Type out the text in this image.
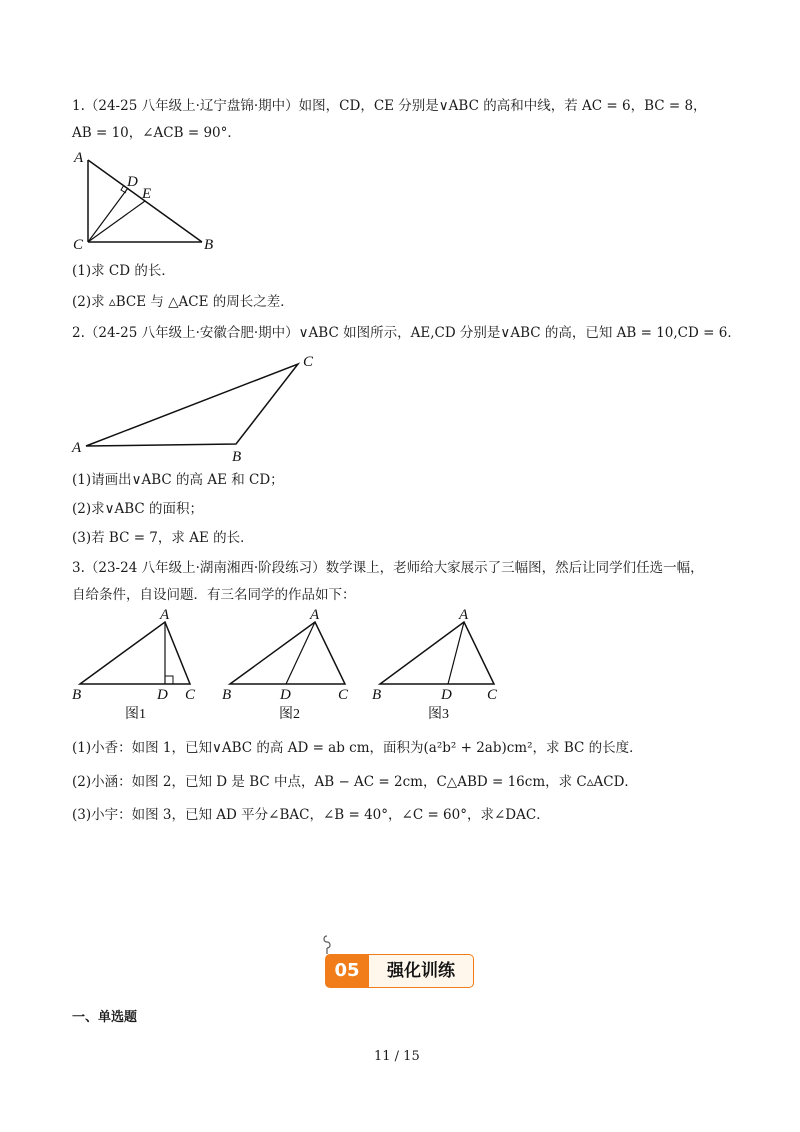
1.（24-25 八年级上·辽宁盘锦·期中）如图，CD，CE 分别是∨ABC 的高和中线，若 AC = 6，BC = 8，
AB = 10，∠ACB = 90°．
A
D
E
C	B
(1)求 CD 的长．
(2)求 ▵BCE 与 △ACE 的周长之差．
2.（24-25 八年级上·安徽合肥·期中）∨ABC 如图所示，AE,CD 分别是∨ABC 的高，已知 AB = 10,CD = 6．
C
A
B
(1)请画出∨ABC 的高 AE 和 CD；
(2)求∨ABC 的面积；
(3)若 BC = 7，求 AE 的长．
3.（23-24 八年级上·湖南湘西·阶段练习）数学课上，老师给大家展示了三幅图，然后让同学们任选一幅，
自给条件，自设问题．有三名同学的作品如下：
A
B	D C
图1
A
B	D	C
图2
A
B	D C
图3
(1)小香：如图 1，已知∨ABC 的高 AD = ab cm，面积为(a²b² + 2ab)cm²，求 BC 的长度．
(2)小涵：如图 2，已知 D 是 BC 中点，AB − AC = 2cm，C△ABD = 16cm，求 C▵ACD．
(3)小宇：如图 3，已知 AD 平分∠BAC，∠B = 40°，∠C = 60°，求∠DAC．
05	强化训练
一、单选题
11 / 15
